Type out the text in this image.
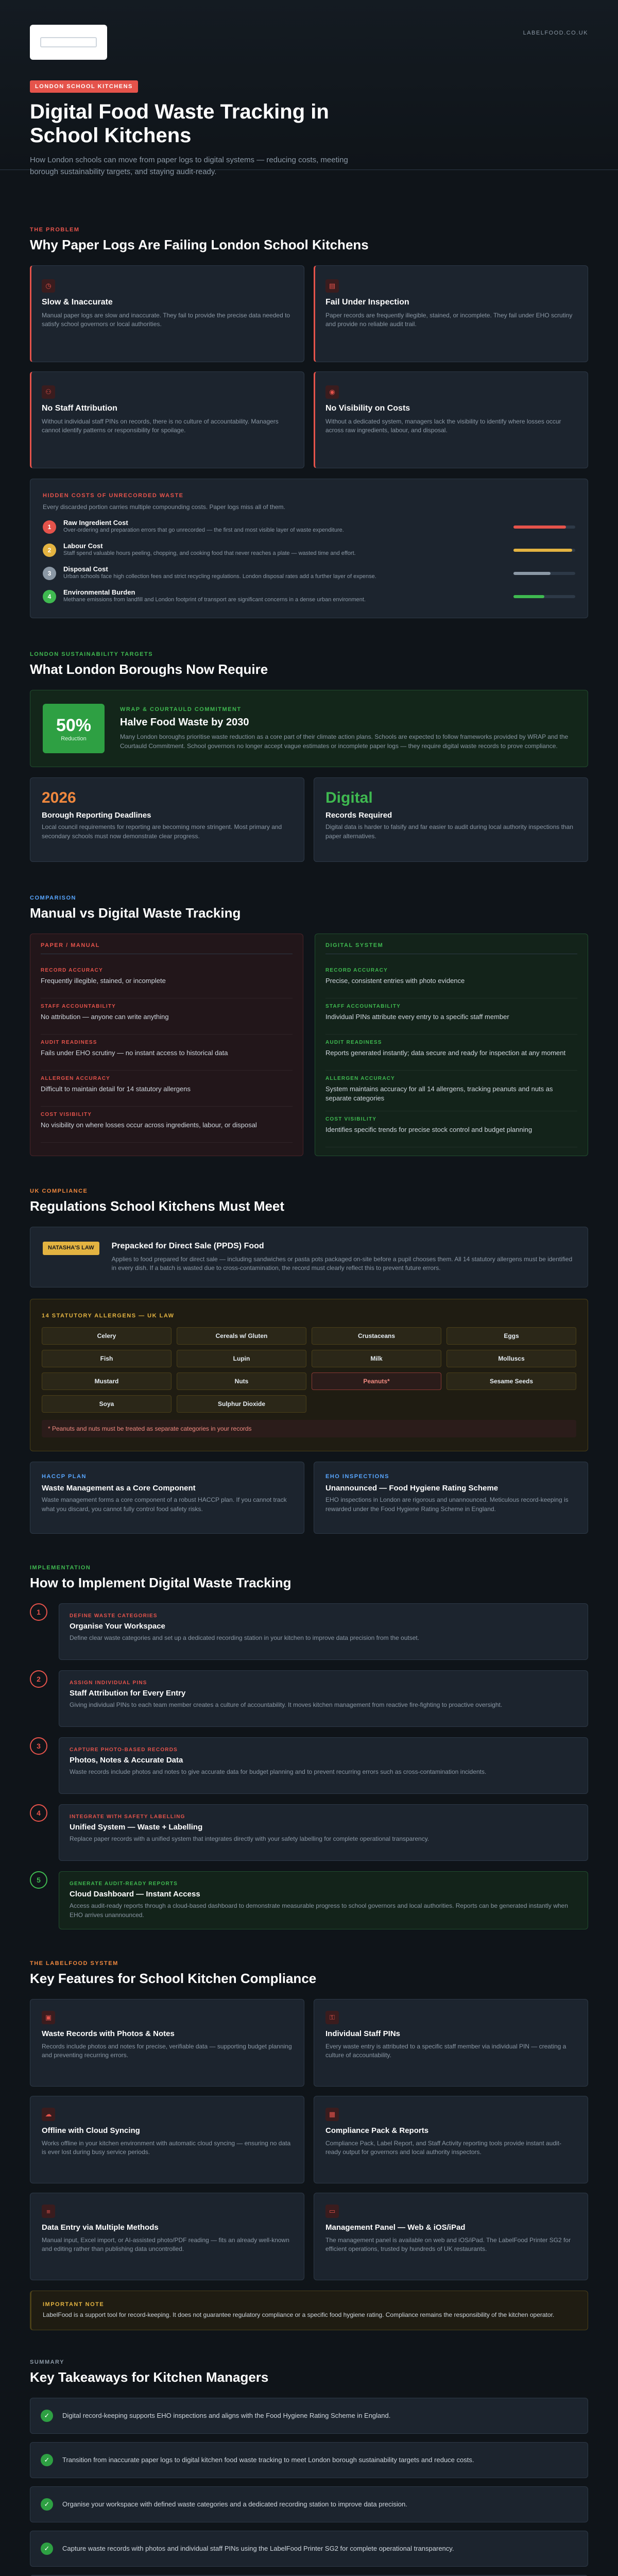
LABELFOOD.CO.UK
LONDON SCHOOL KITCHENS
Digital Food Waste Tracking in School Kitchens
How London schools can move from paper logs to digital systems — reducing costs, meeting borough sustainability targets, and staying audit-ready.
THE PROBLEM
Why Paper Logs Are Failing London School Kitchens
◷
Slow & Inaccurate
Manual paper logs are slow and inaccurate. They fail to provide the precise data needed to satisfy school governors or local authorities.
▤
Fail Under Inspection
Paper records are frequently illegible, stained, or incomplete. They fail under EHO scrutiny and provide no reliable audit trail.
⚇
No Staff Attribution
Without individual staff PINs on records, there is no culture of accountability. Managers cannot identify patterns or responsibility for spoilage.
◉
No Visibility on Costs
Without a dedicated system, managers lack the visibility to identify where losses occur across raw ingredients, labour, and disposal.
HIDDEN COSTS OF UNRECORDED WASTE
Every discarded portion carries multiple compounding costs. Paper logs miss all of them.
1
Raw Ingredient Cost
Over-ordering and preparation errors that go unrecorded — the first and most visible layer of waste expenditure.
2
Labour Cost
Staff spend valuable hours peeling, chopping, and cooking food that never reaches a plate — wasted time and effort.
3
Disposal Cost
Urban schools face high collection fees and strict recycling regulations. London disposal rates add a further layer of expense.
4
Environmental Burden
Methane emissions from landfill and London footprint of transport are significant concerns in a dense urban environment.
LONDON SUSTAINABILITY TARGETS
What London Boroughs Now Require
50%
Reduction
WRAP & COURTAULD COMMITMENT
Halve Food Waste by 2030
Many London boroughs prioritise waste reduction as a core part of their climate action plans. Schools are expected to follow frameworks provided by WRAP and the Courtauld Commitment. School governors no longer accept vague estimates or incomplete paper logs — they require digital waste records to prove compliance.
2026
Borough Reporting Deadlines
Local council requirements for reporting are becoming more stringent. Most primary and secondary schools must now demonstrate clear progress.
Digital
Records Required
Digital data is harder to falsify and far easier to audit during local authority inspections than paper alternatives.
COMPARISON
Manual vs Digital Waste Tracking
PAPER / MANUAL
RECORD ACCURACY
Frequently illegible, stained, or incomplete
STAFF ACCOUNTABILITY
No attribution — anyone can write anything
AUDIT READINESS
Fails under EHO scrutiny — no instant access to historical data
ALLERGEN ACCURACY
Difficult to maintain detail for 14 statutory allergens
COST VISIBILITY
No visibility on where losses occur across ingredients, labour, or disposal
DIGITAL SYSTEM
RECORD ACCURACY
Precise, consistent entries with photo evidence
STAFF ACCOUNTABILITY
Individual PINs attribute every entry to a specific staff member
AUDIT READINESS
Reports generated instantly; data secure and ready for inspection at any moment
ALLERGEN ACCURACY
System maintains accuracy for all 14 allergens, tracking peanuts and nuts as separate categories
COST VISIBILITY
Identifies specific trends for precise stock control and budget planning
UK COMPLIANCE
Regulations School Kitchens Must Meet
NATASHA'S LAW	Prepacked for Direct Sale (PPDS) Food
Applies to food prepared for direct sale — including sandwiches or pasta pots packaged on-site before a pupil chooses them. All 14 statutory allergens must be identified in every dish. If a batch is wasted due to cross-contamination, the record must clearly reflect this to prevent future errors.
14 STATUTORY ALLERGENS — UK LAW
Celery	Cereals w/ Gluten	Crustaceans	Eggs
Fish	Lupin	Milk	Molluscs
Mustard	Nuts	Peanuts*	Sesame Seeds
Soya	Sulphur Dioxide
* Peanuts and nuts must be treated as separate categories in your records
HACCP PLAN
Waste Management as a Core Component
Waste management forms a core component of a robust HACCP plan. If you cannot track what you discard, you cannot fully control food safety risks.
EHO INSPECTIONS
Unannounced — Food Hygiene Rating Scheme
EHO inspections in London are rigorous and unannounced. Meticulous record-keeping is rewarded under the Food Hygiene Rating Scheme in England.
IMPLEMENTATION
How to Implement Digital Waste Tracking
1	DEFINE WASTE CATEGORIES
Organise Your Workspace
Define clear waste categories and set up a dedicated recording station in your kitchen to improve data precision from the outset.
2	ASSIGN INDIVIDUAL PINS
Staff Attribution for Every Entry
Giving individual PINs to each team member creates a culture of accountability. It moves kitchen management from reactive fire-fighting to proactive oversight.
3	CAPTURE PHOTO-BASED RECORDS
Photos, Notes & Accurate Data
Waste records include photos and notes to give accurate data for budget planning and to prevent recurring errors such as cross-contamination incidents.
4	INTEGRATE WITH SAFETY LABELLING
Unified System — Waste + Labelling
Replace paper records with a unified system that integrates directly with your safety labelling for complete operational transparency.
5	GENERATE AUDIT-READY REPORTS
Cloud Dashboard — Instant Access
Access audit-ready reports through a cloud-based dashboard to demonstrate measurable progress to school governors and local authorities. Reports can be generated instantly when EHO arrives unannounced.
THE LABELFOOD SYSTEM
Key Features for School Kitchen Compliance
▣
Waste Records with Photos & Notes
Records include photos and notes for precise, verifiable data — supporting budget planning and preventing recurring errors.
⚿
Individual Staff PINs
Every waste entry is attributed to a specific staff member via individual PIN — creating a culture of accountability.
☁
Offline with Cloud Syncing
Works offline in your kitchen environment with automatic cloud syncing — ensuring no data is ever lost during busy service periods.
▦
Compliance Pack & Reports
Compliance Pack, Label Report, and Staff Activity reporting tools provide instant audit-ready output for governors and local authority inspectors.
≡
Data Entry via Multiple Methods
Manual input, Excel import, or AI-assisted photo/PDF reading — fits an already well-known and editing rather than publishing data uncontrolled.
▭
Management Panel — Web & iOS/iPad
The management panel is available on web and iOS/iPad. The LabelFood Printer SG2 for efficient operations, trusted by hundreds of UK restaurants.
IMPORTANT NOTE
LabelFood is a support tool for record-keeping. It does not guarantee regulatory compliance or a specific food hygiene rating. Compliance remains the responsibility of the kitchen operator.
SUMMARY
Key Takeaways for Kitchen Managers
✓	Digital record-keeping supports EHO inspections and aligns with the Food Hygiene Rating Scheme in England.
✓	Transition from inaccurate paper logs to digital kitchen food waste tracking to meet London borough sustainability targets and reduce costs.
✓	Organise your workspace with defined waste categories and a dedicated recording station to improve data precision.
✓	Capture waste records with photos and individual staff PINs using the LabelFood Printer SG2 for complete operational transparency.
